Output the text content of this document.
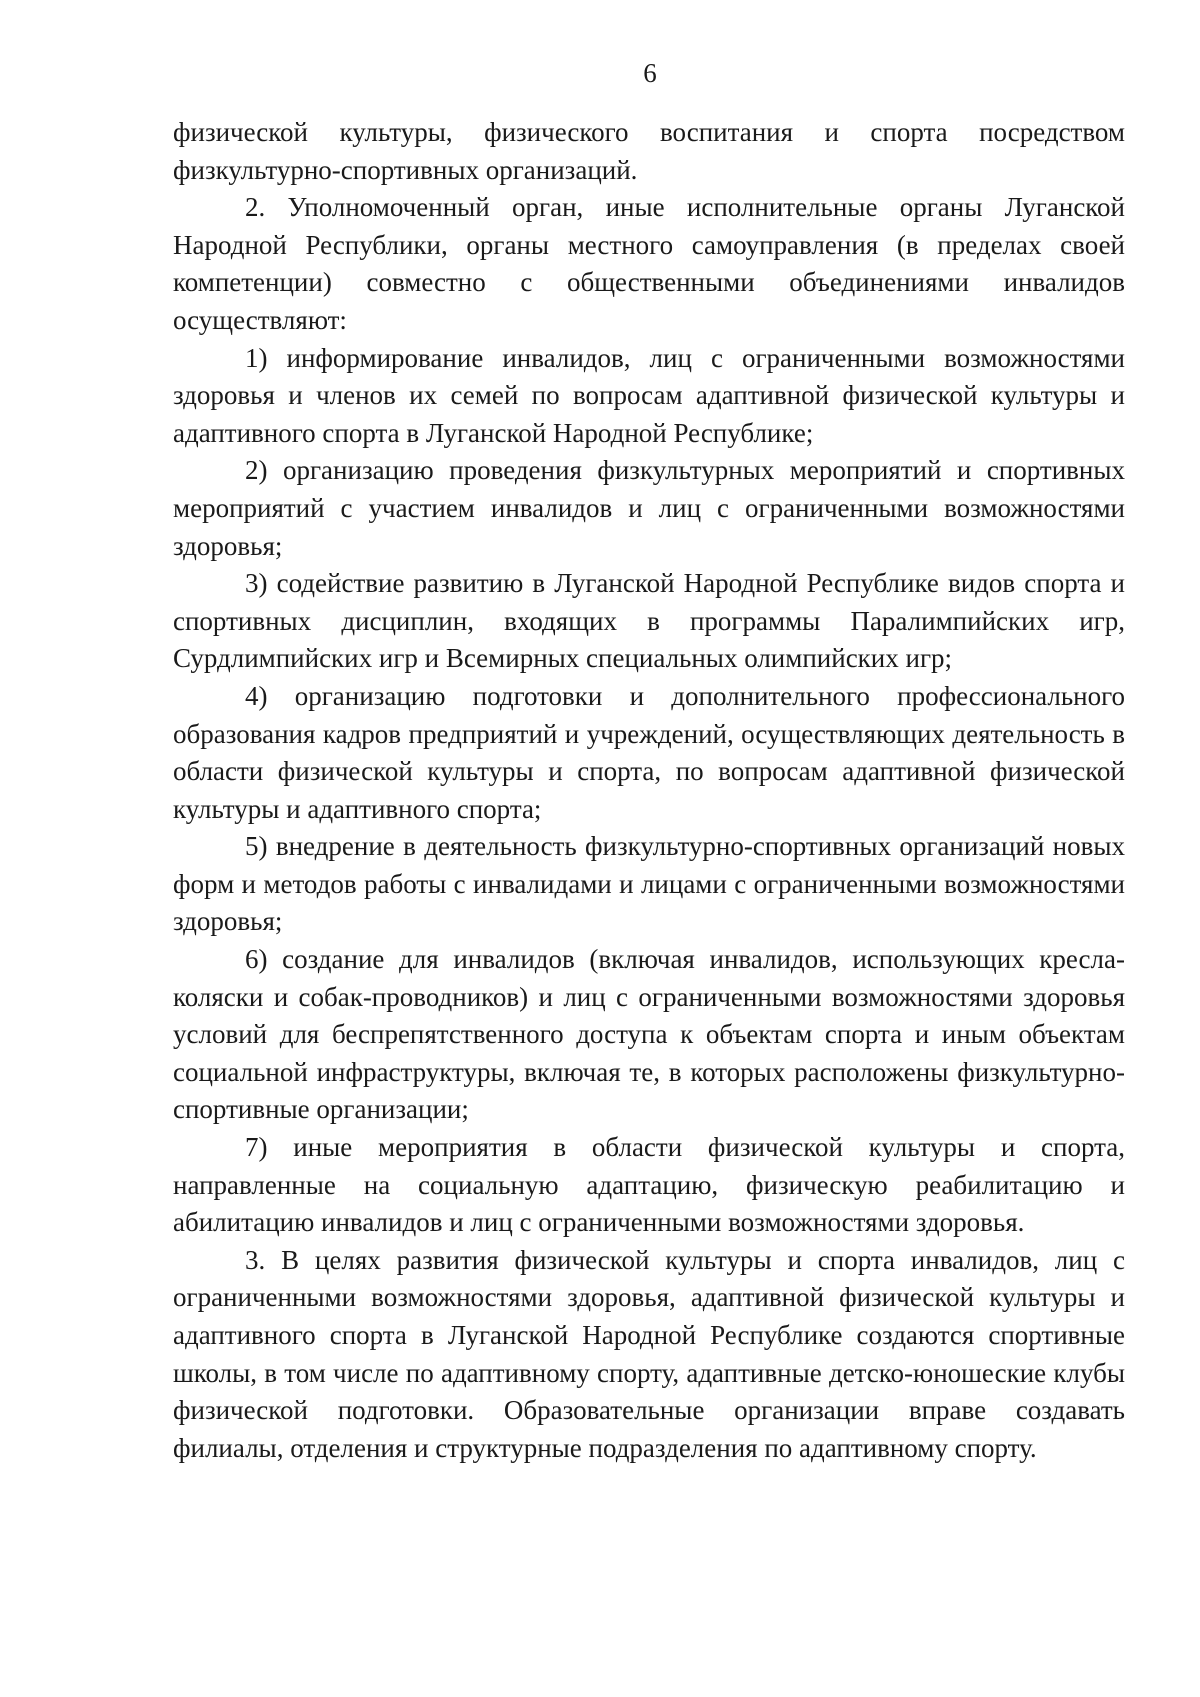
6

физической культуры, физического воспитания и спорта посредством физкультурно-спортивных организаций.

2. Уполномоченный орган, иные исполнительные органы Луганской Народной Республики, органы местного самоуправления (в пределах своей компетенции) совместно с общественными объединениями инвалидов осуществляют:

1) информирование инвалидов, лиц с ограниченными возможностями здоровья и членов их семей по вопросам адаптивной физической культуры и адаптивного спорта в Луганской Народной Республике;

2) организацию проведения физкультурных мероприятий и спортивных мероприятий с участием инвалидов и лиц с ограниченными возможностями здоровья;

3) содействие развитию в Луганской Народной Республике видов спорта и спортивных дисциплин, входящих в программы Паралимпийских игр, Сурдлимпийских игр и Всемирных специальных олимпийских игр;

4) организацию подготовки и дополнительного профессионального образования кадров предприятий и учреждений, осуществляющих деятельность в области физической культуры и спорта, по вопросам адаптивной физической культуры и адаптивного спорта;

5) внедрение в деятельность физкультурно-спортивных организаций новых форм и методов работы с инвалидами и лицами с ограниченными возможностями здоровья;

6) создание для инвалидов (включая инвалидов, использующих кресла-коляски и собак-проводников) и лиц с ограниченными возможностями здоровья условий для беспрепятственного доступа к объектам спорта и иным объектам социальной инфраструктуры, включая те, в которых расположены физкультурно-спортивные организации;

7) иные мероприятия в области физической культуры и спорта, направленные на социальную адаптацию, физическую реабилитацию и абилитацию инвалидов и лиц с ограниченными возможностями здоровья.

3. В целях развития физической культуры и спорта инвалидов, лиц с ограниченными возможностями здоровья, адаптивной физической культуры и адаптивного спорта в Луганской Народной Республике создаются спортивные школы, в том числе по адаптивному спорту, адаптивные детско-юношеские клубы физической подготовки. Образовательные организации вправе создавать филиалы, отделения и структурные подразделения по адаптивному спорту.
